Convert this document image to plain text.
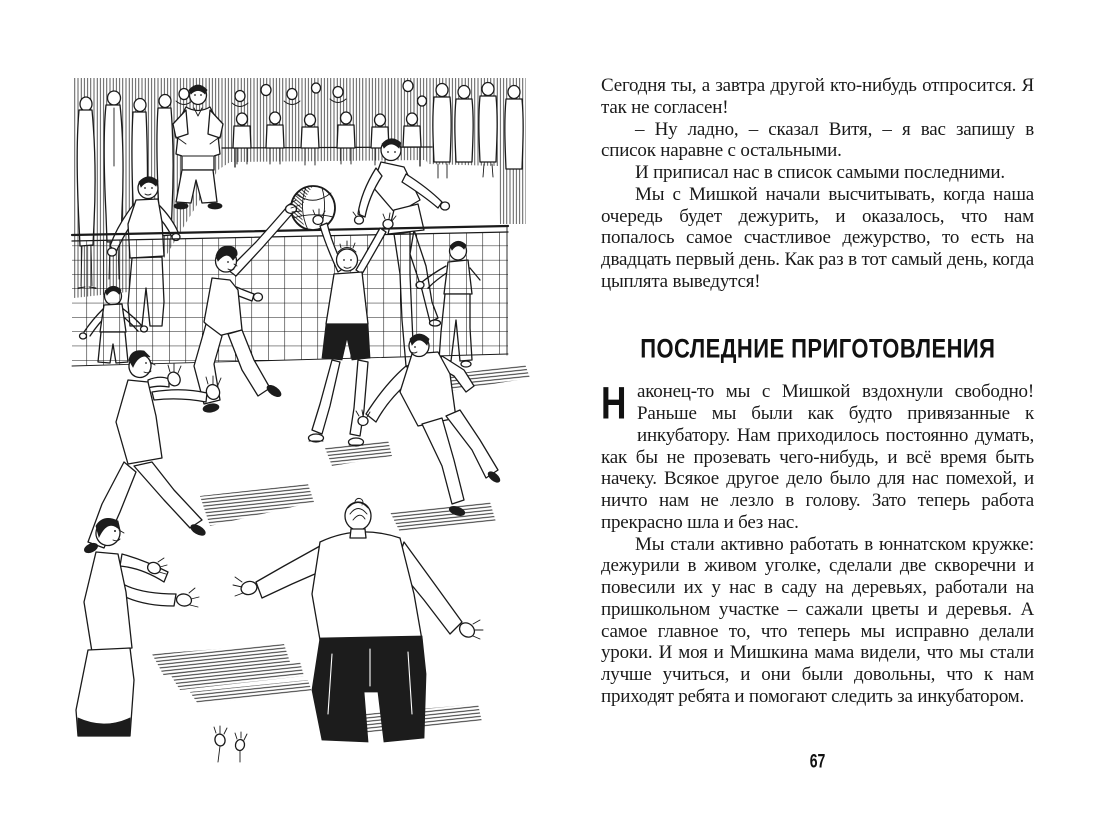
Сегодня ты, а завтра другой кто-нибудь отпросится. Я так не согласен!

– Ну ладно, – сказал Витя, – я вас запишу в список наравне с остальными.

И приписал нас в список самыми последними.

Мы с Мишкой начали высчитывать, когда наша очередь будет дежурить, и оказалось, что нам попалось самое счастливое дежурство, то есть на двадцать первый день. Как раз в тот самый день, когда цыплята выведутся!

ПОСЛЕДНИЕ ПРИГОТОВЛЕНИЯ

Наконец-то мы с Мишкой вздохнули свободно! Раньше мы были как будто привязанные к инкубатору. Нам приходилось постоянно думать, как бы не прозевать чего-нибудь, и всё время быть начеку. Всякое другое дело было для нас помехой, и ничто нам не лезло в голову. Зато теперь работа прекрасно шла и без нас.

Мы стали активно работать в юннатском кружке: дежурили в живом уголке, сделали две скворечни и повесили их у нас в саду на деревьях, работали на пришкольном участке – сажали цветы и деревья. А самое главное то, что теперь мы исправно делали уроки. И моя и Мишкина мама видели, что мы стали лучше учиться, и они были довольны, что к нам приходят ребята и помогают следить за инкубатором.

67
